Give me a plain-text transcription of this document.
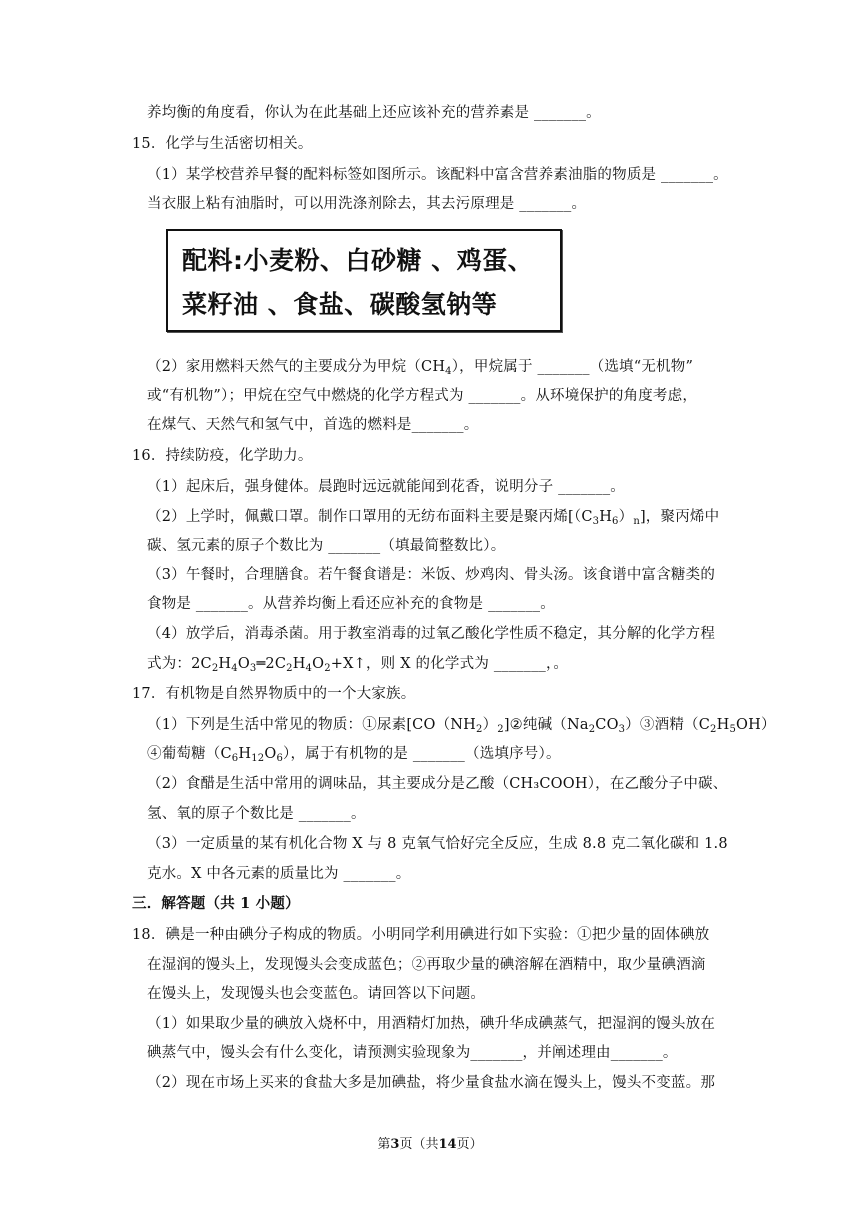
养均衡的角度看，你认为在此基础上还应该补充的营养素是 _______。
15．化学与生活密切相关。
（1）某学校营养早餐的配料标签如图所示。该配料中富含营养素油脂的物质是 _______。
当衣服上粘有油脂时，可以用洗涤剂除去，其去污原理是 _______。
配料:小麦粉、白砂糖 、鸡蛋、
菜籽油 、食盐、碳酸氢钠等
（2）家用燃料天然气的主要成分为甲烷$(CH_4)$，甲烷属于 _______（选填“无机物”
或“有机物”）；甲烷在空气中燃烧的化学方程式为 _______。从环境保护的角度考虑，
在煤气、天然气和氢气中，首选的燃料是_______。
16．持续防疫，化学助力。
（1）起床后，强身健体。晨跑时远远就能闻到花香，说明分子 _______。
（2）上学时，佩戴口罩。制作口罩用的无纺布面料主要是聚丙烯$[(C_3H_6)_n]$，聚丙烯中
碳、氢元素的原子个数比为 _______（填最简整数比）。
（3）午餐时，合理膳食。若午餐食谱是：米饭、炒鸡肉、骨头汤。该食谱中富含糖类的
食物是 _______。从营养均衡上看还应补充的食物是 _______。
（4）放学后，消毒杀菌。用于教室消毒的过氧乙酸化学性质不稳定，其分解的化学方程
式为：$2C_2H_4O_3═2C_2H_4O_2+X↑$，则 X 的化学式为 _______，。
17．有机物是自然界物质中的一个大家族。
（1）下列是生活中常见的物质：①尿素$[CO(NH_2)_2]②$纯碱$(Na_2CO_3)③$酒精$(C_2H_5OH)$
④葡萄糖$(C_6H_{12}O_6)$，属于有机物的是 _______（选填序号）。
（2）食醋是生活中常用的调味品，其主要成分是乙酸（CH₃COOH），在乙酸分子中碳、
氢、氧的原子个数比是 _______。
（3）一定质量的某有机化合物 X 与 8 克氧气恰好完全反应，生成 8.8 克二氧化碳和 1.8
克水。X 中各元素的质量比为 _______。
三．解答题（共 1 小题）
18．碘是一种由碘分子构成的物质。小明同学利用碘进行如下实验：①把少量的固体碘放
在湿润的馒头上，发现馒头会变成蓝色；②再取少量的碘溶解在酒精中，取少量碘酒滴
在馒头上，发现馒头也会变蓝色。请回答以下问题。
（1）如果取少量的碘放入烧杯中，用酒精灯加热，碘升华成碘蒸气，把湿润的馒头放在
碘蒸气中，馒头会有什么变化，请预测实验现象为_______，并阐述理由_______。
（2）现在市场上买来的食盐大多是加碘盐，将少量食盐水滴在馒头上，馒头不变蓝。那
第3页（共14页）
